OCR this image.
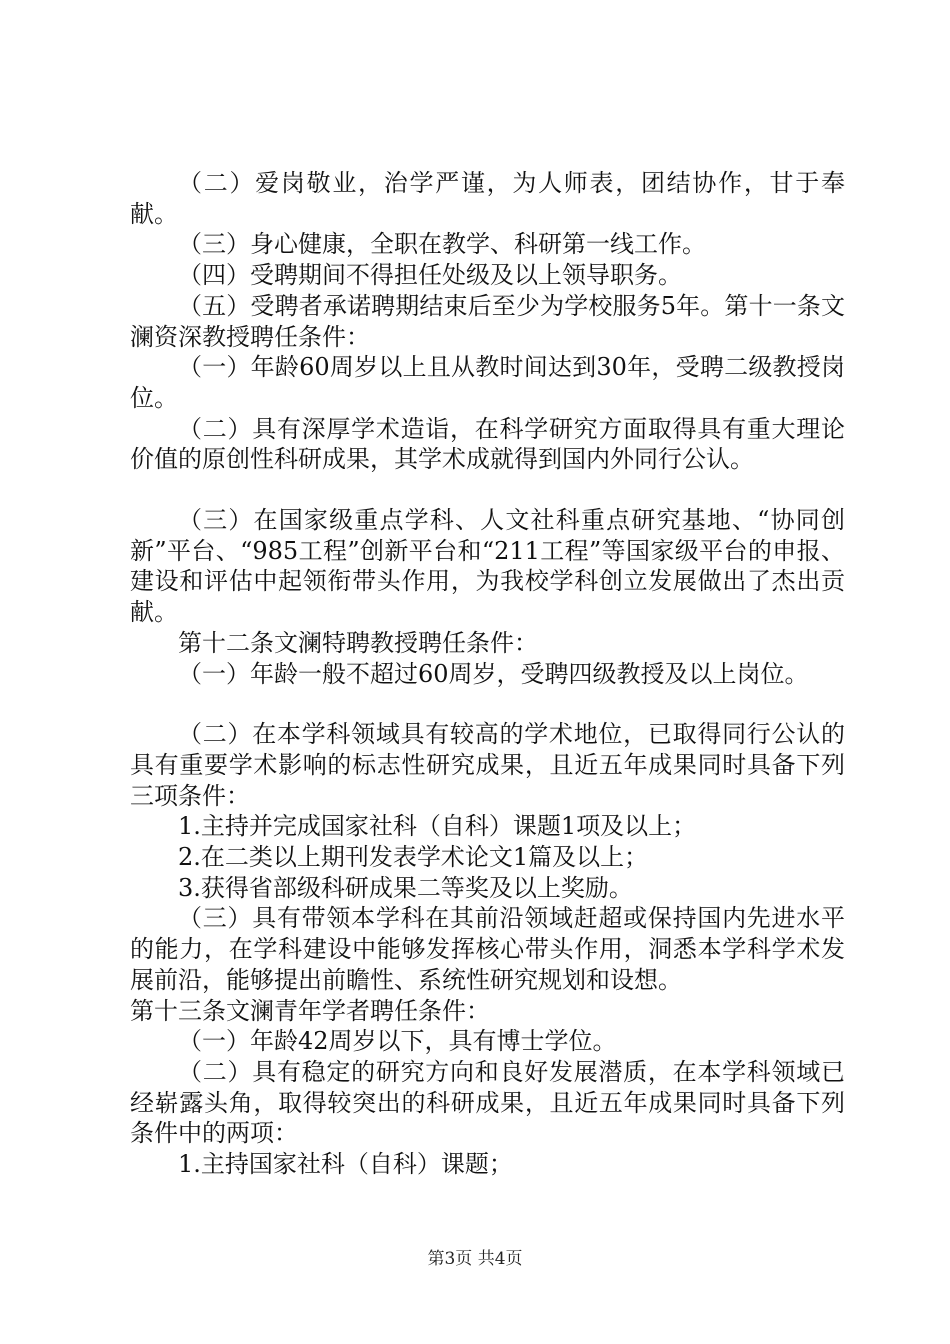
（二）爱岗敬业，治学严谨，为人师表，团结协作，甘于奉献。

（三）身心健康，全职在教学、科研第一线工作。

（四）受聘期间不得担任处级及以上领导职务。

（五）受聘者承诺聘期结束后至少为学校服务5年。第十一条文澜资深教授聘任条件：

（一）年龄60周岁以上且从教时间达到30年，受聘二级教授岗位。

（二）具有深厚学术造诣，在科学研究方面取得具有重大理论价值的原创性科研成果，其学术成就得到国内外同行公认。

（三）在国家级重点学科、人文社科重点研究基地、“协同创新”平台、“985工程”创新平台和“211工程”等国家级平台的申报、建设和评估中起领衔带头作用，为我校学科创立发展做出了杰出贡献。

第十二条文澜特聘教授聘任条件：

（一）年龄一般不超过60周岁，受聘四级教授及以上岗位。

（二）在本学科领域具有较高的学术地位，已取得同行公认的具有重要学术影响的标志性研究成果，且近五年成果同时具备下列三项条件：

1.主持并完成国家社科（自科）课题1项及以上；

2.在二类以上期刊发表学术论文1篇及以上；

3.获得省部级科研成果二等奖及以上奖励。

（三）具有带领本学科在其前沿领域赶超或保持国内先进水平的能力，在学科建设中能够发挥核心带头作用，洞悉本学科学术发展前沿，能够提出前瞻性、系统性研究规划和设想。

第十三条文澜青年学者聘任条件：

（一）年龄42周岁以下，具有博士学位。

（二）具有稳定的研究方向和良好发展潜质，在本学科领域已经崭露头角，取得较突出的科研成果，且近五年成果同时具备下列条件中的两项：

1.主持国家社科（自科）课题；

第3页 共4页
